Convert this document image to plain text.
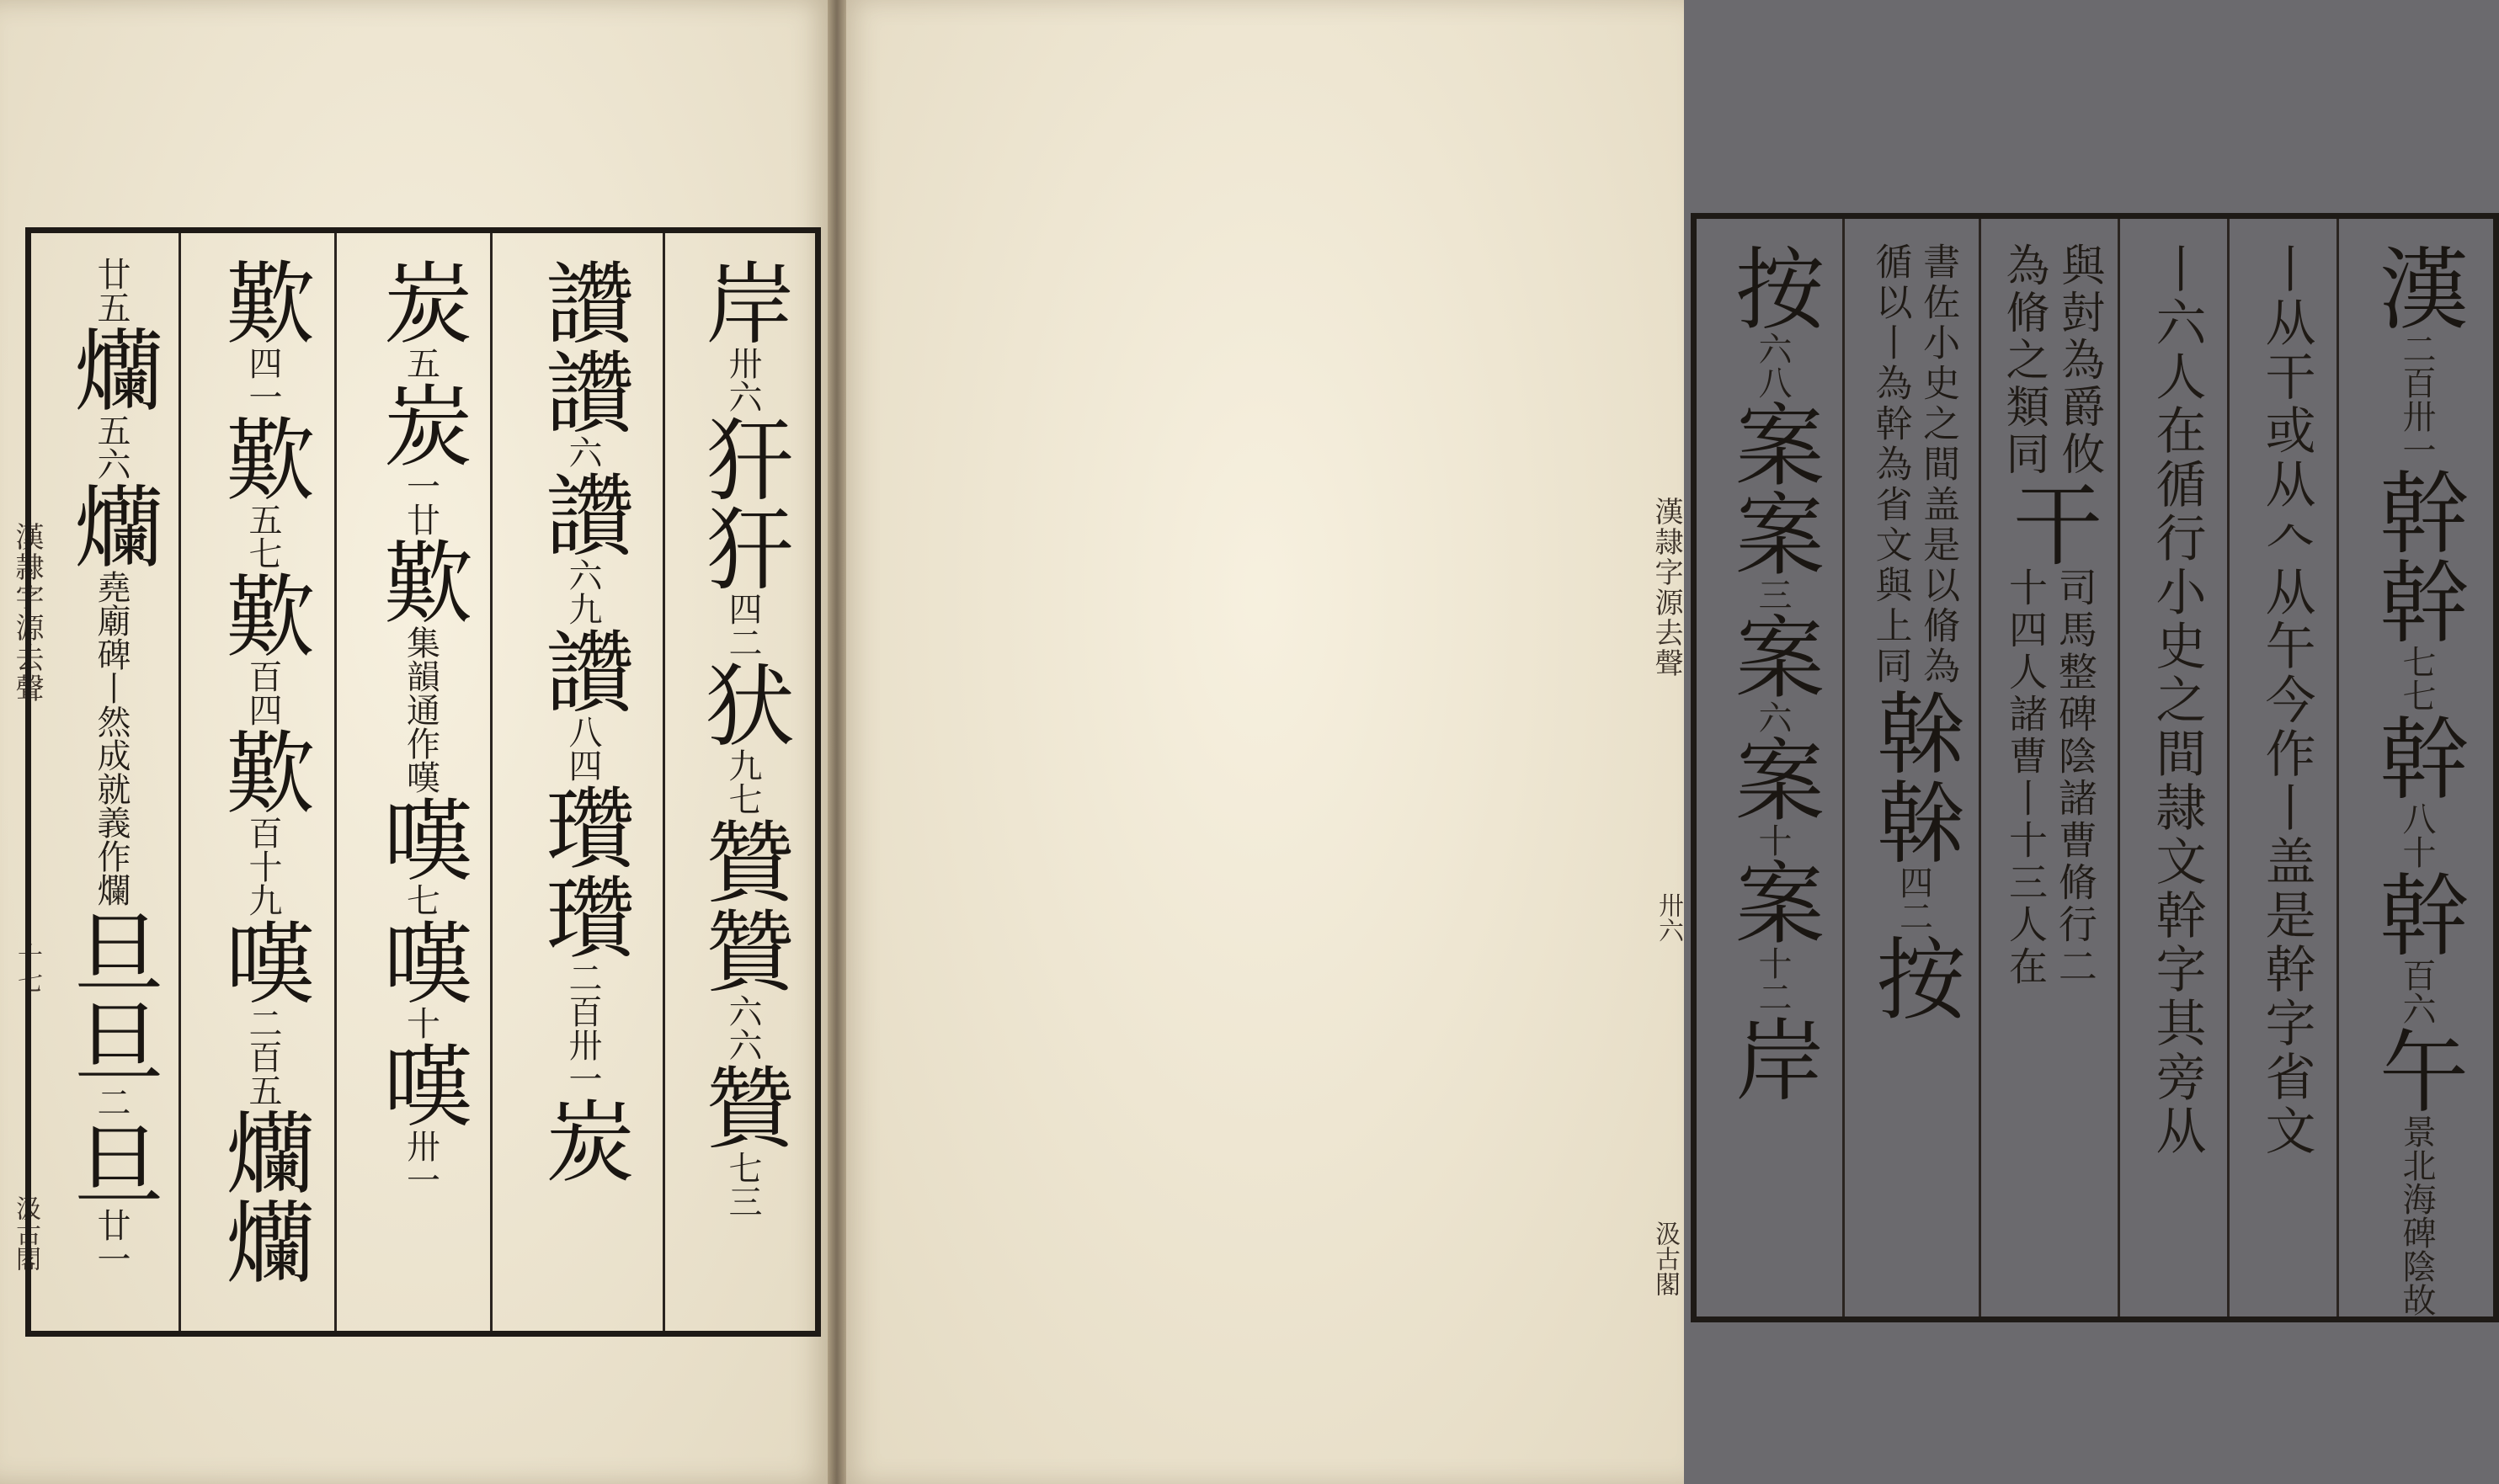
漢隷字源去聲
十七
汲古閣
岸
卅六
犴
犴
四二
犾
九七
贊
贊
六六
贊
七三
讚
讚
六
讚
六九
讚
八四
瓚
瓚
二百卅一
炭
炭
五
炭
一廿
歎
集韻通作嘆
嘆
七
嘆
十
嘆
卅一
歎
四一
歎
五七
歎
百四
歎
百十九
嘆
二百五
爤
爤
廿五
爤
五六
爤
堯廟碑丨然成就義作爛
旦
旦
二
旦
廿一
漢
二百卅一
幹
幹
七七
幹
八十
幹
百六
午
景北海碑陰故
丨从干或从𠆢从午今作丨盖是幹字省文
丨六人在循行小史之間隷文幹字其旁从
與尌為爵攸
為脩之類同
干
司馬整碑陰諸曹脩行二
十四人諸曹丨十三人在
書佐小史之間盖是以脩為
循以丨為幹為省文與上同
榦
榦
四二
按
按
六八
案
案
三
案
六
案
十
案
十二
岸
漢隷字源去聲
卅六
汲古閣
